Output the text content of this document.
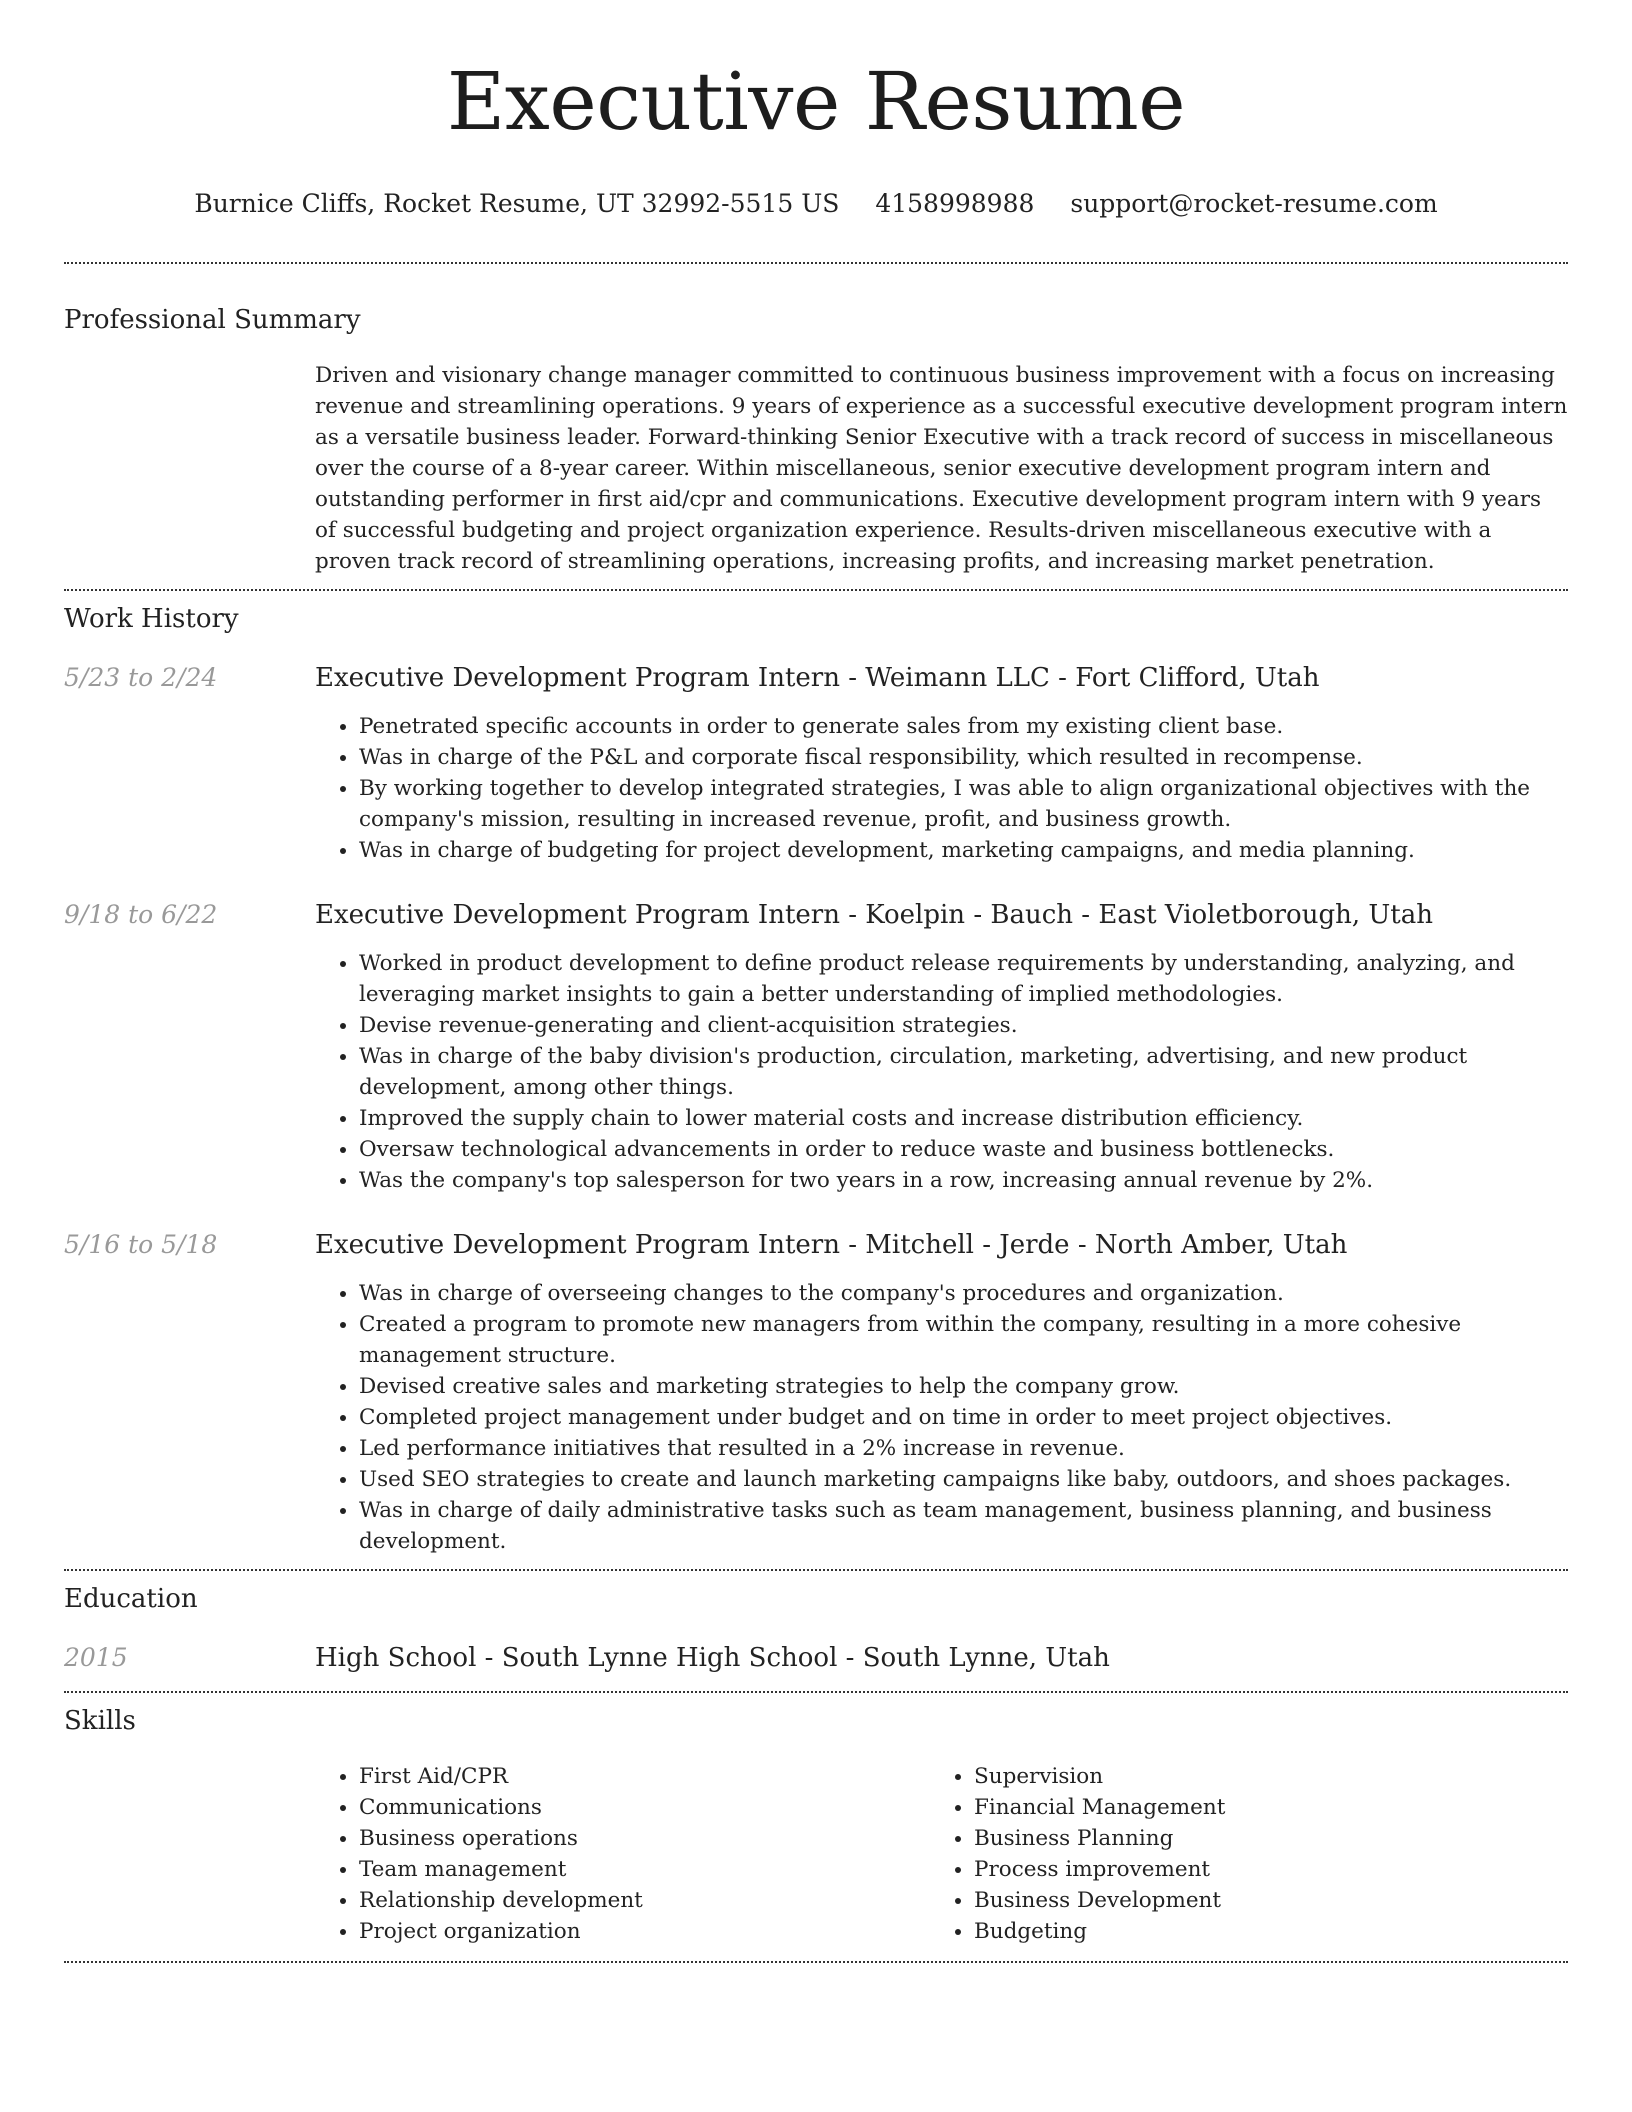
Executive Resume
Burnice Cliffs, Rocket Resume, UT 32992-5515 US 4158998988 support@rocket-resume.com
Professional Summary
Driven and visionary change manager committed to continuous business improvement with a focus on increasing revenue and streamlining operations. 9 years of experience as a successful executive development program intern as a versatile business leader. Forward-thinking Senior Executive with a track record of success in miscellaneous over the course of a 8-year career. Within miscellaneous, senior executive development program intern and outstanding performer in first aid/cpr and communications. Executive development program intern with 9 years of successful budgeting and project organization experience. Results-driven miscellaneous executive with a proven track record of streamlining operations, increasing profits, and increasing market penetration.
Work History
5/23 to 2/24	Executive Development Program Intern - Weimann LLC - Fort Clifford, Utah
• Penetrated specific accounts in order to generate sales from my existing client base.
• Was in charge of the P&L and corporate fiscal responsibility, which resulted in recompense.
• By working together to develop integrated strategies, I was able to align organizational objectives with the company's mission, resulting in increased revenue, profit, and business growth.
• Was in charge of budgeting for project development, marketing campaigns, and media planning.
9/18 to 6/22	Executive Development Program Intern - Koelpin - Bauch - East Violetborough, Utah
• Worked in product development to define product release requirements by understanding, analyzing, and leveraging market insights to gain a better understanding of implied methodologies.
• Devise revenue-generating and client-acquisition strategies.
• Was in charge of the baby division's production, circulation, marketing, advertising, and new product development, among other things.
• Improved the supply chain to lower material costs and increase distribution efficiency.
• Oversaw technological advancements in order to reduce waste and business bottlenecks.
• Was the company's top salesperson for two years in a row, increasing annual revenue by 2%.
5/16 to 5/18	Executive Development Program Intern - Mitchell - Jerde - North Amber, Utah
• Was in charge of overseeing changes to the company's procedures and organization.
• Created a program to promote new managers from within the company, resulting in a more cohesive management structure.
• Devised creative sales and marketing strategies to help the company grow.
• Completed project management under budget and on time in order to meet project objectives.
• Led performance initiatives that resulted in a 2% increase in revenue.
• Used SEO strategies to create and launch marketing campaigns like baby, outdoors, and shoes packages.
• Was in charge of daily administrative tasks such as team management, business planning, and business development.
Education
2015	High School - South Lynne High School - South Lynne, Utah
Skills
• First Aid/CPR
• Communications
• Business operations
• Team management
• Relationship development
• Project organization
• Supervision
• Financial Management
• Business Planning
• Process improvement
• Business Development
• Budgeting
